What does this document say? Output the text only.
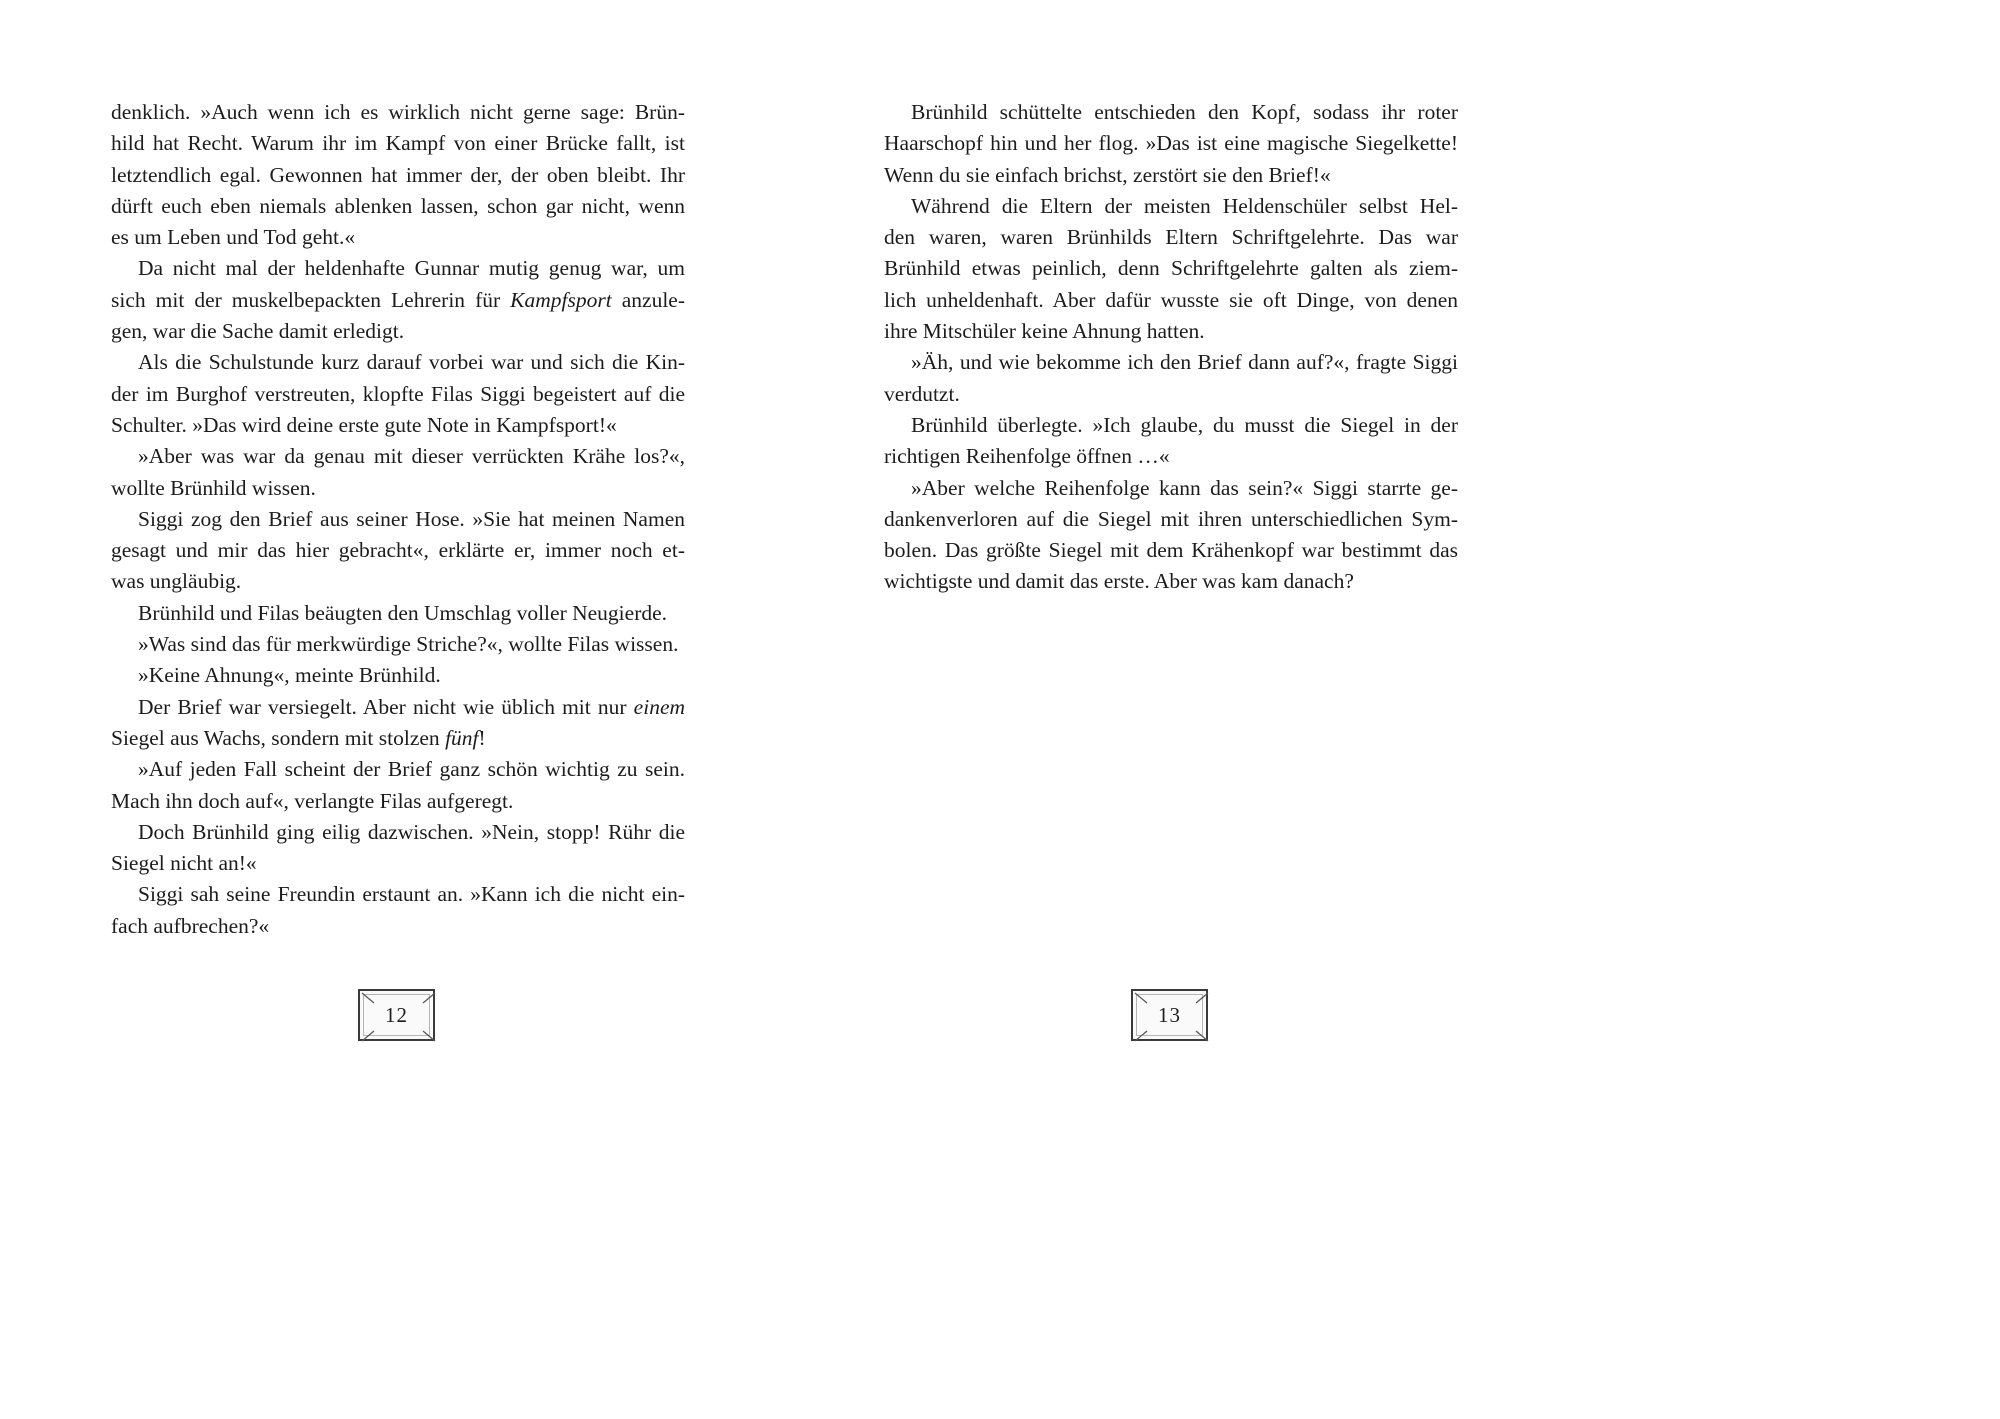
denklich. »Auch wenn ich es wirklich nicht gerne sage: Brün-
hild hat Recht. Warum ihr im Kampf von einer Brücke fallt, ist
letztendlich egal. Gewonnen hat immer der, der oben bleibt. Ihr
dürft euch eben niemals ablenken lassen, schon gar nicht, wenn
es um Leben und Tod geht.«
Da nicht mal der heldenhafte Gunnar mutig genug war, um
sich mit der muskelbepackten Lehrerin für Kampfsport anzule-
gen, war die Sache damit erledigt.
Als die Schulstunde kurz darauf vorbei war und sich die Kin-
der im Burghof verstreuten, klopfte Filas Siggi begeistert auf die
Schulter. »Das wird deine erste gute Note in Kampfsport!«
»Aber was war da genau mit dieser verrückten Krähe los?«,
wollte Brünhild wissen.
Siggi zog den Brief aus seiner Hose. »Sie hat meinen Namen
gesagt und mir das hier gebracht«, erklärte er, immer noch et-
was ungläubig.
Brünhild und Filas beäugten den Umschlag voller Neugierde.
»Was sind das für merkwürdige Striche?«, wollte Filas wissen.
»Keine Ahnung«, meinte Brünhild.
Der Brief war versiegelt. Aber nicht wie üblich mit nur einem
Siegel aus Wachs, sondern mit stolzen fünf!
»Auf jeden Fall scheint der Brief ganz schön wichtig zu sein.
Mach ihn doch auf«, verlangte Filas aufgeregt.
Doch Brünhild ging eilig dazwischen. »Nein, stopp! Rühr die
Siegel nicht an!«
Siggi sah seine Freundin erstaunt an. »Kann ich die nicht ein-
fach aufbrechen?«
Brünhild schüttelte entschieden den Kopf, sodass ihr roter
Haarschopf hin und her flog. »Das ist eine magische Siegelkette!
Wenn du sie einfach brichst, zerstört sie den Brief!«
Während die Eltern der meisten Heldenschüler selbst Hel-
den waren, waren Brünhilds Eltern Schriftgelehrte. Das war
Brünhild etwas peinlich, denn Schriftgelehrte galten als ziem-
lich unheldenhaft. Aber dafür wusste sie oft Dinge, von denen
ihre Mitschüler keine Ahnung hatten.
»Äh, und wie bekomme ich den Brief dann auf?«, fragte Siggi
verdutzt.
Brünhild überlegte. »Ich glaube, du musst die Siegel in der
richtigen Reihenfolge öffnen …«
»Aber welche Reihenfolge kann das sein?« Siggi starrte ge-
dankenverloren auf die Siegel mit ihren unterschiedlichen Sym-
bolen. Das größte Siegel mit dem Krähenkopf war bestimmt das
wichtigste und damit das erste. Aber was kam danach?
12	13
